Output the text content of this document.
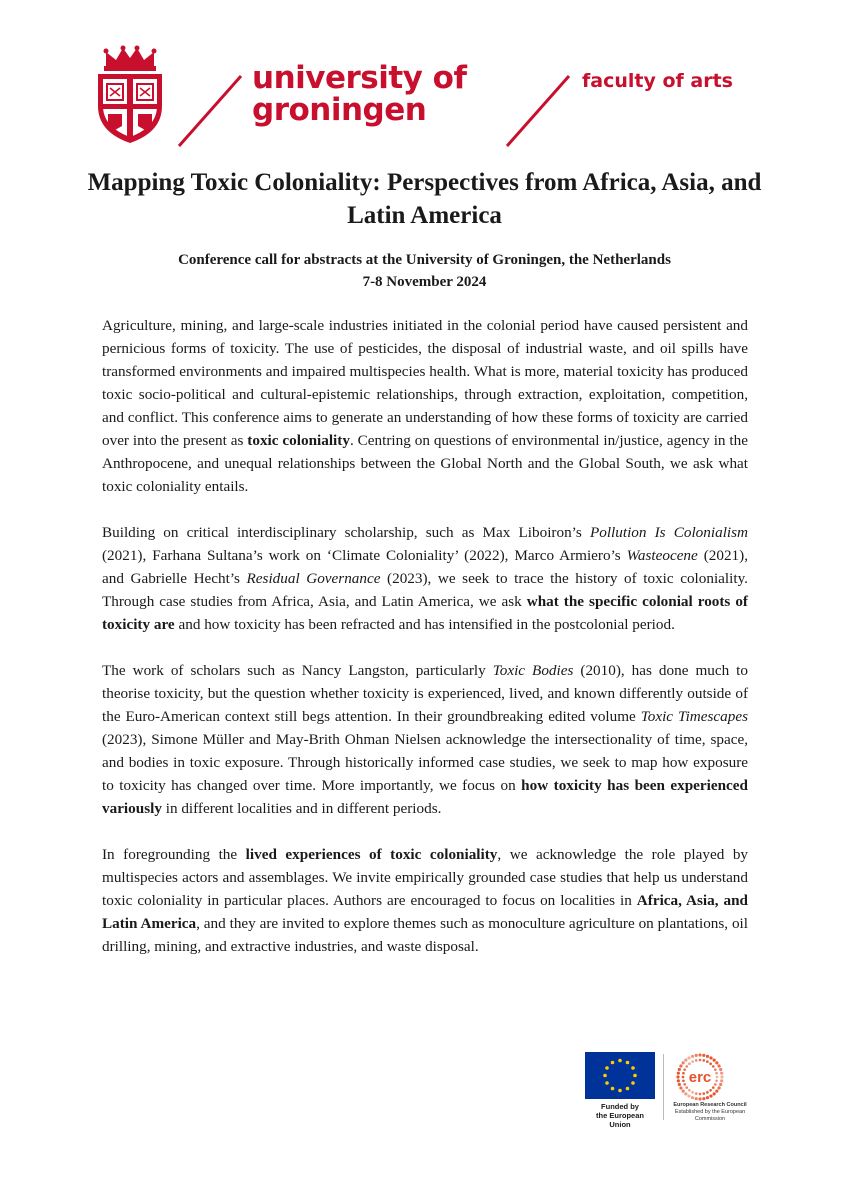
university of
groningen
faculty of arts
Mapping Toxic Coloniality: Perspectives from Africa, Asia, and Latin America
Conference call for abstracts at the University of Groningen, the Netherlands
7-8 November 2024

Agriculture, mining, and large-scale industries initiated in the colonial period have caused persistent and pernicious forms of toxicity. The use of pesticides, the disposal of industrial waste, and oil spills have transformed environments and impaired multispecies health. What is more, material toxicity has produced toxic socio-political and cultural-epistemic relationships, through extraction, exploitation, competition, and conflict. This conference aims to generate an understanding of how these forms of toxicity are carried over into the present as toxic coloniality. Centring on questions of environmental in/justice, agency in the Anthropocene, and unequal relationships between the Global North and the Global South, we ask what toxic coloniality entails.

Building on critical interdisciplinary scholarship, such as Max Liboiron’s Pollution Is Colonialism (2021), Farhana Sultana’s work on ‘Climate Coloniality’ (2022), Marco Armiero’s Wasteocene (2021), and Gabrielle Hecht’s Residual Governance (2023), we seek to trace the history of toxic coloniality. Through case studies from Africa, Asia, and Latin America, we ask what the specific colonial roots of toxicity are and how toxicity has been refracted and has intensified in the postcolonial period.

The work of scholars such as Nancy Langston, particularly Toxic Bodies (2010), has done much to theorise toxicity, but the question whether toxicity is experienced, lived, and known differently outside of the Euro-American context still begs attention. In their groundbreaking edited volume Toxic Timescapes (2023), Simone Müller and May-Brith Ohman Nielsen acknowledge the intersectionality of time, space, and bodies in toxic exposure. Through historically informed case studies, we seek to map how exposure to toxicity has changed over time. More importantly, we focus on how toxicity has been experienced variously in different localities and in different periods.

In foregrounding the lived experiences of toxic coloniality, we acknowledge the role played by multispecies actors and assemblages. We invite empirically grounded case studies that help us understand toxic coloniality in particular places. Authors are encouraged to focus on localities in Africa, Asia, and Latin America, and they are invited to explore themes such as monoculture agriculture on plantations, oil drilling, mining, and extractive industries, and waste disposal.

Funded by
the European Union
erc
European Research Council
Established by the European Commission
